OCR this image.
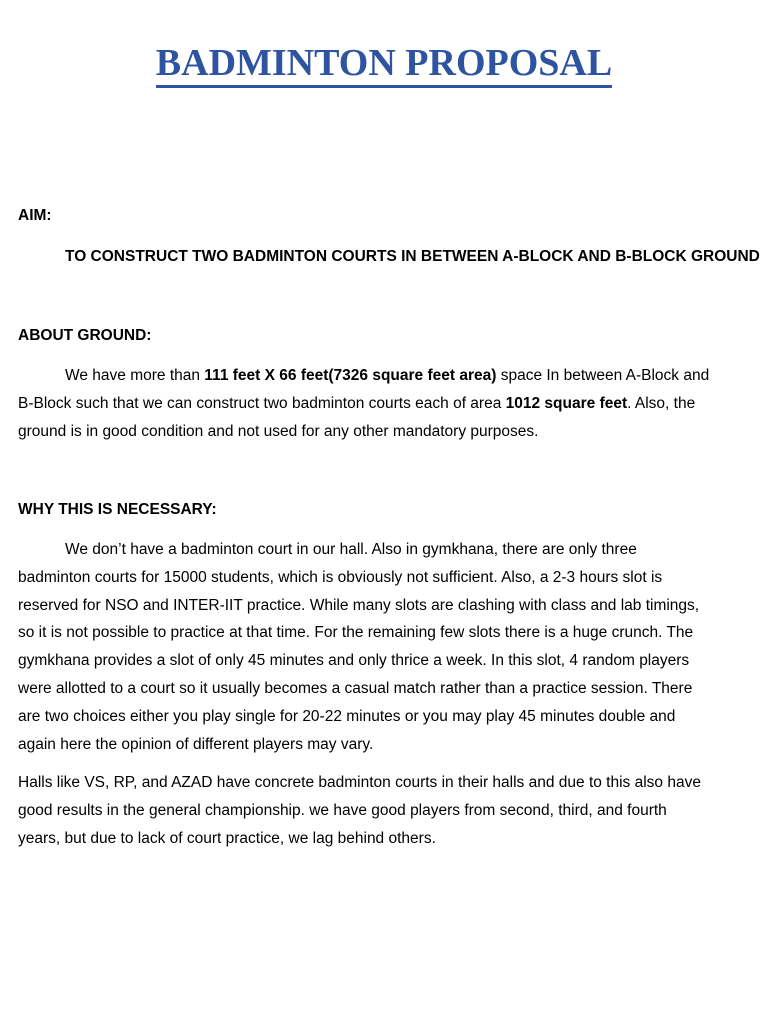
BADMINTON PROPOSAL

AIM:

TO CONSTRUCT TWO BADMINTON COURTS IN BETWEEN A-BLOCK AND B-BLOCK GROUND

ABOUT GROUND:

We have more than 111 feet X 66 feet(7326 square feet area) space In between A-Block and
B-Block such that we can construct two badminton courts each of area 1012 square feet. Also, the
ground is in good condition and not used for any other mandatory purposes.

WHY THIS IS NECESSARY:

We don’t have a badminton court in our hall. Also in gymkhana, there are only three
badminton courts for 15000 students, which is obviously not sufficient. Also, a 2-3 hours slot is
reserved for NSO and INTER-IIT practice. While many slots are clashing with class and lab timings,
so it is not possible to practice at that time. For the remaining few slots there is a huge crunch. The
gymkhana provides a slot of only 45 minutes and only thrice a week. In this slot, 4 random players
were allotted to a court so it usually becomes a casual match rather than a practice session. There
are two choices either you play single for 20-22 minutes or you may play 45 minutes double and
again here the opinion of different players may vary.
Halls like VS, RP, and AZAD have concrete badminton courts in their halls and due to this also have
good results in the general championship. we have good players from second, third, and fourth
years, but due to lack of court practice, we lag behind others.
